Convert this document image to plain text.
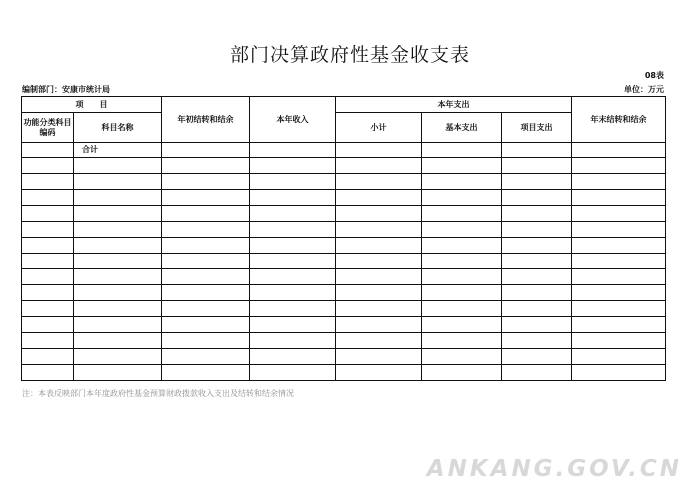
部门决算政府性基金收支表
08表
编制部门：安康市统计局	单位：万元
项　　目		年初结转和结余	本年收入	本年支出			年末结转和结余
功能分类科目编码	科目名称			小计	基本支出	项目支出	
	合计						

注：本表反映部门本年度政府性基金预算财政拨款收入支出及结转和结余情况
ANKANG.GOV.CN
